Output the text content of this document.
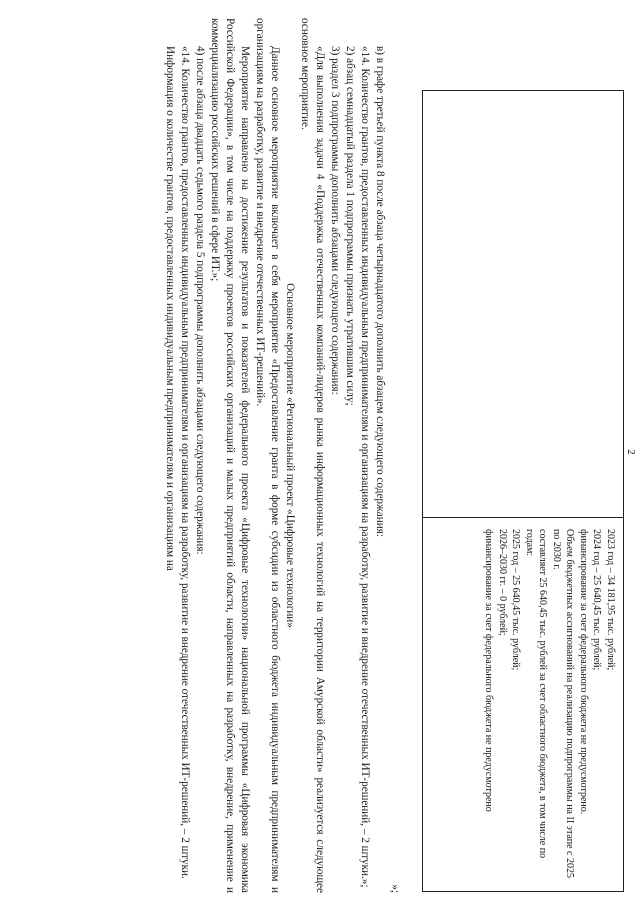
2
2023 год – 34 181,95 тыс. рублей;
2024 год – 25 640,45 тыс. рублей;
финансирование за счет федерального бюджета не предусмотрено.
Объем бюджетных ассигнований на реализацию подпрограммы на II этапе с 2025 по 2030 г.
составляет 25 640,45 тыс. рублей за счет областного бюджета, в том числе по годам:
2025 год – 25 640,45 тыс. рублей;
2026–2030 гг. – 0 рублей;
финансирование за счет федерального бюджета не предусмотрено

»;

в) в графе третьей пункта 8 после абзаца четырнадцатого дополнить абзацем следующего содержания:

«14. Количество грантов, предоставленных индивидуальным предпринимателям и организациям на разработку, развитие и внедрение отечественных ИТ-решений, – 2 штуки.»;

2) абзац семнадцатый раздела 1 подпрограммы признать утратившим силу;

3) раздел 3 подпрограммы дополнить абзацами следующего содержания:

«Для выполнения задачи 4 «Поддержка отечественных компаний-лидеров рынка информационных технологий на территории Амурской области» реализуется следующее основное мероприятие.

Основное мероприятие «Региональный проект «Цифровые технологии»

Данное основное мероприятие включает в себя мероприятие «Предоставление гранта в форме субсидии из областного бюджета индивидуальным предпринимателям и организациям на разработку, развитие и внедрение отечественных ИТ-решений».

Мероприятие направлено на достижение результатов и показателей федерального проекта «Цифровые технологии» национальной программы «Цифровая экономика Российской Федерации», в том числе на поддержку проектов российских организаций и малых предприятий области, направленных на разработку, внедрение, применение и коммерциализацию российских решений в сфере ИТ.»;

4) после абзаца двадцать седьмого раздела 5 подпрограммы дополнить абзацами следующего содержания:

«14. Количество грантов, предоставленных индивидуальным предпринимателям и организациям на разработку, развитие и внедрение отечественных ИТ-решений, – 2 штуки.

Информация о количестве грантов, предоставленных индивидуальным предпринимателям и организациям на
